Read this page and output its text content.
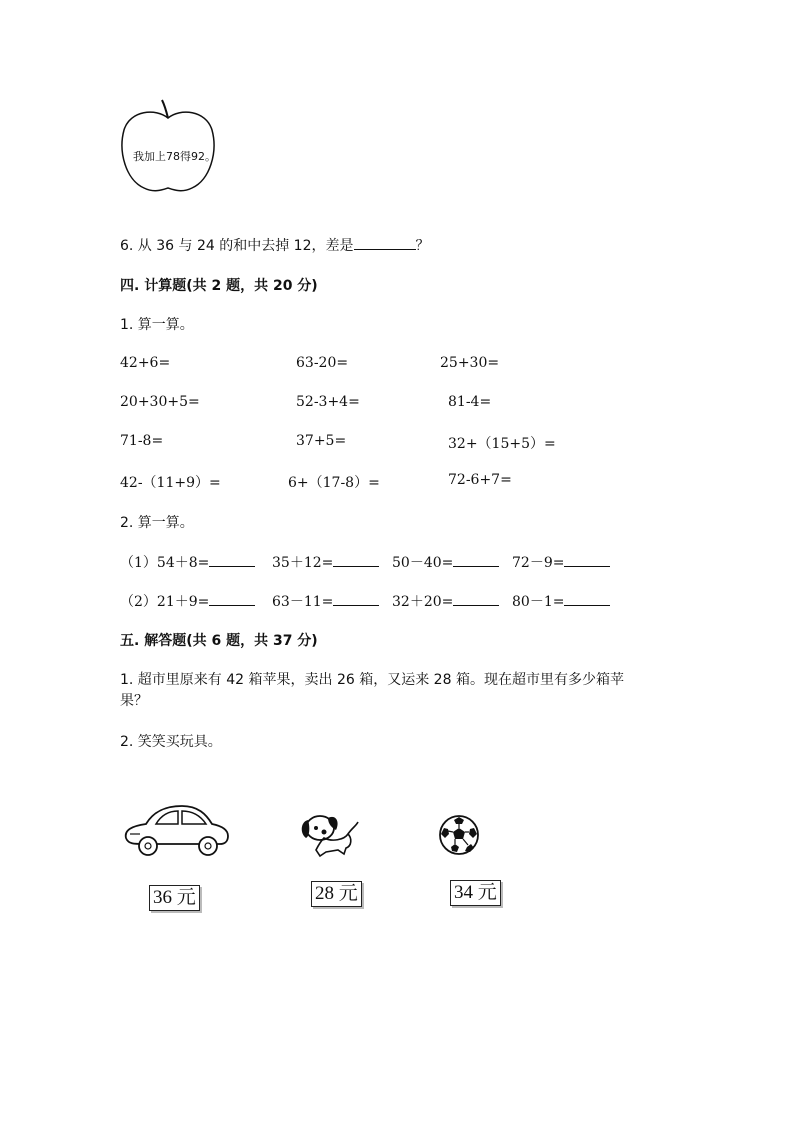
我加上78得92。
6. 从 36 与 24 的和中去掉 12，差是	？
四. 计算题(共 2 题，共 20 分)
1. 算一算。
42+6=	63-20=	25+30=
20+30+5=	52-3+4=	81-4=
71-8=	37+5=	32+（15+5）=
42-（11+9）=	6+（17-8）=	72-6+7=
2. 算一算。
（1）54＋8=	35＋12=	50－40=	72－9=
（2）21＋9=	63－11=	32＋20=	80－1=
五. 解答题(共 6 题，共 37 分)
1. 超市里原来有 42 箱苹果，卖出 26 箱，又运来 28 箱。现在超市里有多少箱苹
果？
2. 笑笑买玩具。
36 元	28 元	34 元
